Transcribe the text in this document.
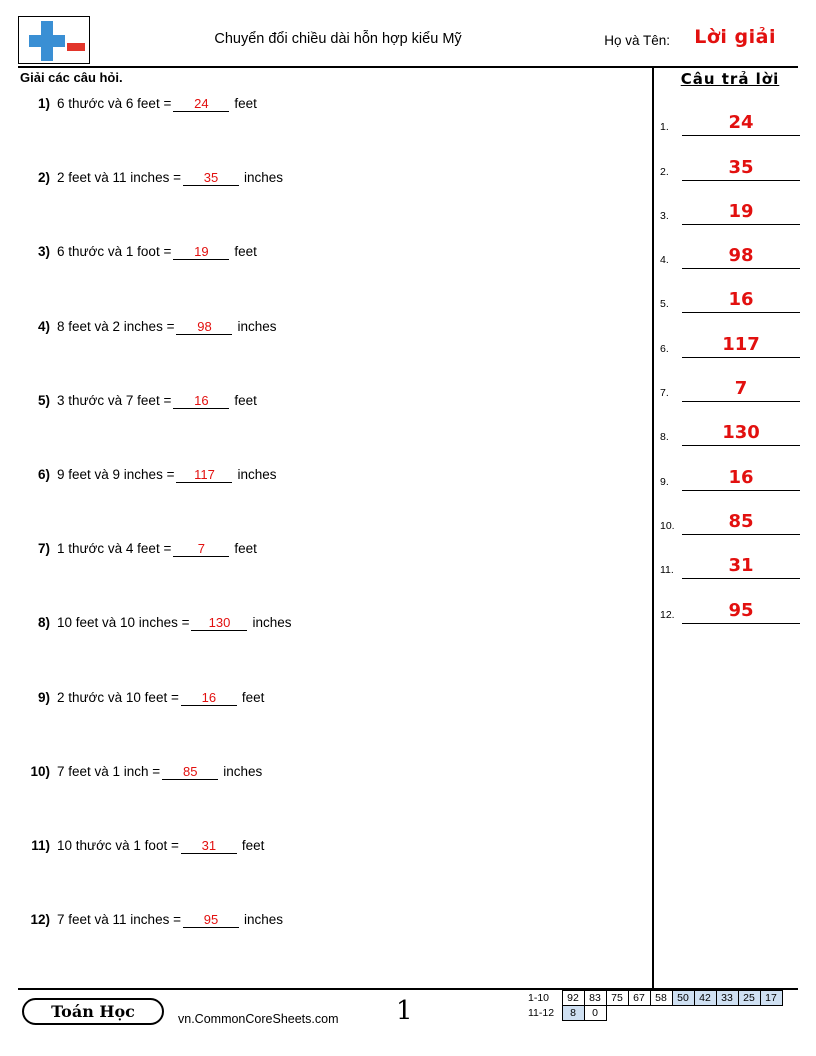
Chuyển đổi chiều dài hỗn hợp kiểu Mỹ	Họ và Tên: Lời giải
Giải các câu hỏi.
1) 6 thước và 6 feet = 24 feet
2) 2 feet và 11 inches = 35 inches
3) 6 thước và 1 foot = 19 feet
4) 8 feet và 2 inches = 98 inches
5) 3 thước và 7 feet = 16 feet
6) 9 feet và 9 inches = 117 inches
7) 1 thước và 4 feet = 7 feet
8) 10 feet và 10 inches = 130 inches
9) 2 thước và 10 feet = 16 feet
10) 7 feet và 1 inch = 85 inches
11) 10 thước và 1 foot = 31 feet
12) 7 feet và 11 inches = 95 inches
Câu trả lời
1.	24
2.	35
3.	19
4.	98
5.	16
6.	117
7.	7
8.	130
9.	16
10.	85
11.	31
12.	95
Toán Học	vn.CommonCoreSheets.com 1	1-10	92	83	75	67	58	50	42	33	25	17
11-12	8	0								
